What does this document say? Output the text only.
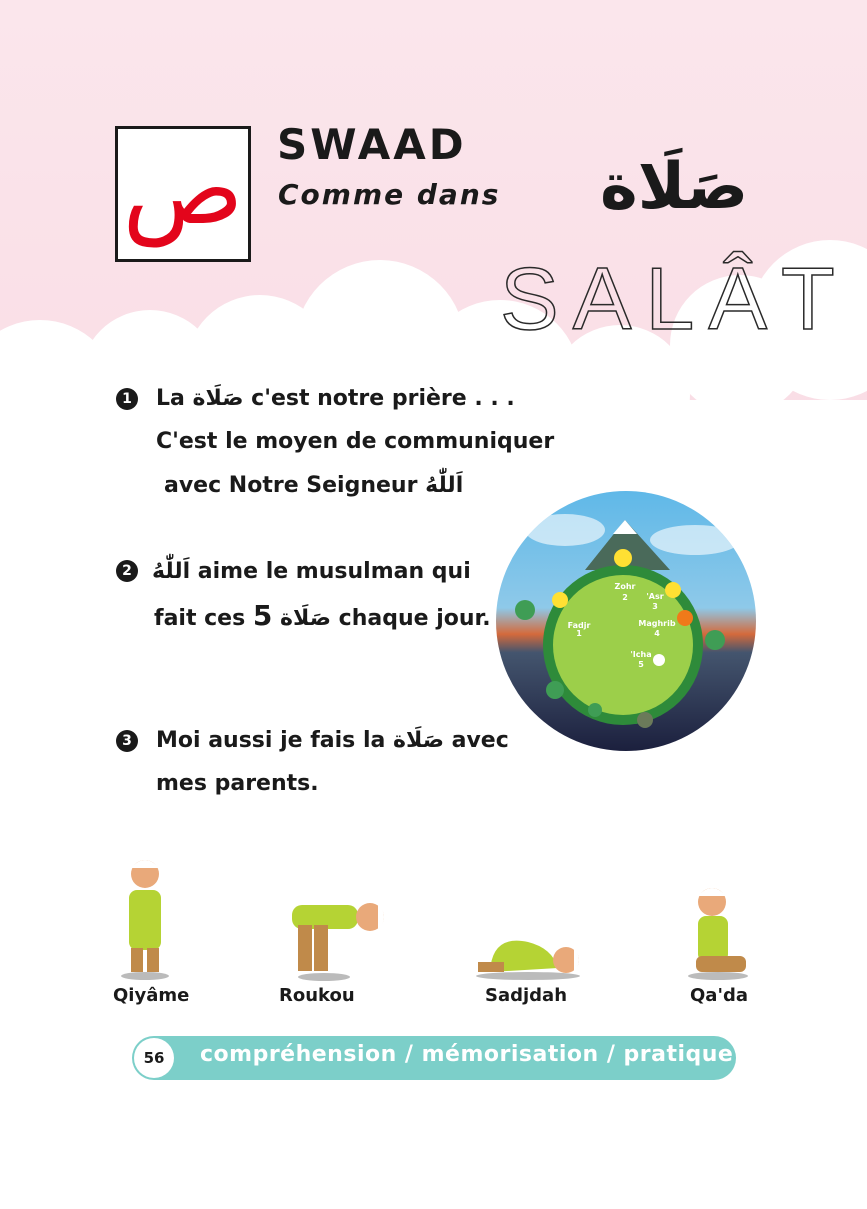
ص SWAAD
Comme dans صَلَاة
SALÂT
1 La صَلَاة c'est notre prière . . .
C'est le moyen de communiquer
avec Notre Seigneur اَللّٰهُ
2 اَللّٰهُ aime le musulman qui
fait ces 5 صَلَاة chaque jour.	Fadjr
1
Zohr
2 'Asr
3
Maghrib
4
'Icha
5
3 Moi aussi je fais la صَلَاة avec
mes parents.
Qiyâme	Roukou	Sadjdah	Qa'da
56	compréhension / mémorisation / pratique
